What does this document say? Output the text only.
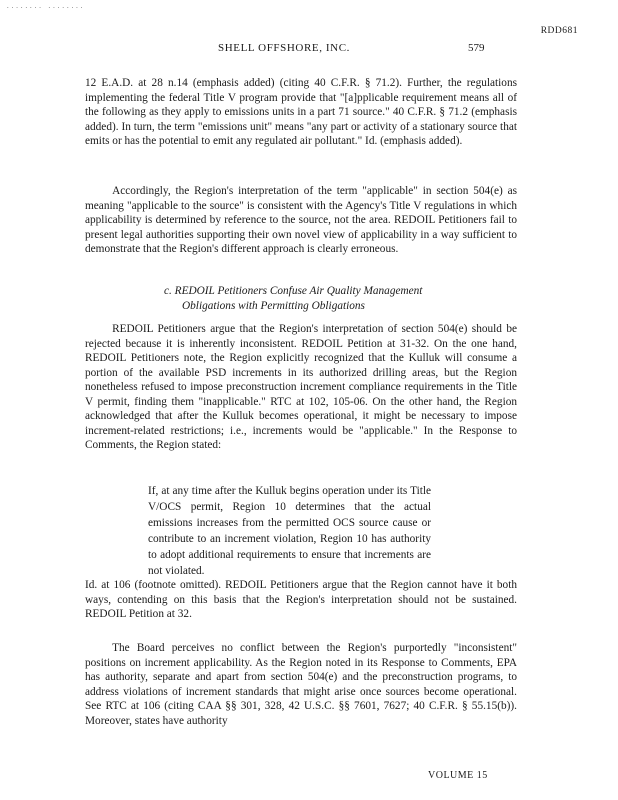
........ ........
RDD681
SHELL OFFSHORE, INC.	579

12 E.A.D. at 28 n.14 (emphasis added) (citing 40 C.F.R. § 71.2). Further, the regulations implementing the federal Title V program provide that "[a]pplicable requirement means all of the following as they apply to emissions units in a part 71 source." 40 C.F.R. § 71.2 (emphasis added). In turn, the term "emissions unit" means "any part or activity of a stationary source that emits or has the potential to emit any regulated air pollutant." Id. (emphasis added).

Accordingly, the Region's interpretation of the term "applicable" in section 504(e) as meaning "applicable to the source" is consistent with the Agency's Title V regulations in which applicability is determined by reference to the source, not the area. REDOIL Petitioners fail to present legal authorities supporting their own novel view of applicability in a way sufficient to demonstrate that the Region's different approach is clearly erroneous.

c. REDOIL Petitioners Confuse Air Quality Management
Obligations with Permitting Obligations

REDOIL Petitioners argue that the Region's interpretation of section 504(e) should be rejected because it is inherently inconsistent. REDOIL Petition at 31-32. On the one hand, REDOIL Petitioners note, the Region explicitly recognized that the Kulluk will consume a portion of the available PSD increments in its authorized drilling areas, but the Region nonetheless refused to impose preconstruction increment compliance requirements in the Title V permit, finding them "inapplicable." RTC at 102, 105-06. On the other hand, the Region acknowledged that after the Kulluk becomes operational, it might be necessary to impose increment-related restrictions; i.e., increments would be "applicable." In the Response to Comments, the Region stated:

If, at any time after the Kulluk begins operation under its Title V/OCS permit, Region 10 determines that the actual emissions increases from the permitted OCS source cause or contribute to an increment violation, Region 10 has authority to adopt additional requirements to ensure that increments are not violated.

Id. at 106 (footnote omitted). REDOIL Petitioners argue that the Region cannot have it both ways, contending on this basis that the Region's interpretation should not be sustained. REDOIL Petition at 32.

The Board perceives no conflict between the Region's purportedly "inconsistent" positions on increment applicability. As the Region noted in its Response to Comments, EPA has authority, separate and apart from section 504(e) and the preconstruction programs, to address violations of increment standards that might arise once sources become operational. See RTC at 106 (citing CAA §§ 301, 328, 42 U.S.C. §§ 7601, 7627; 40 C.F.R. § 55.15(b)). Moreover, states have authority

VOLUME 15
